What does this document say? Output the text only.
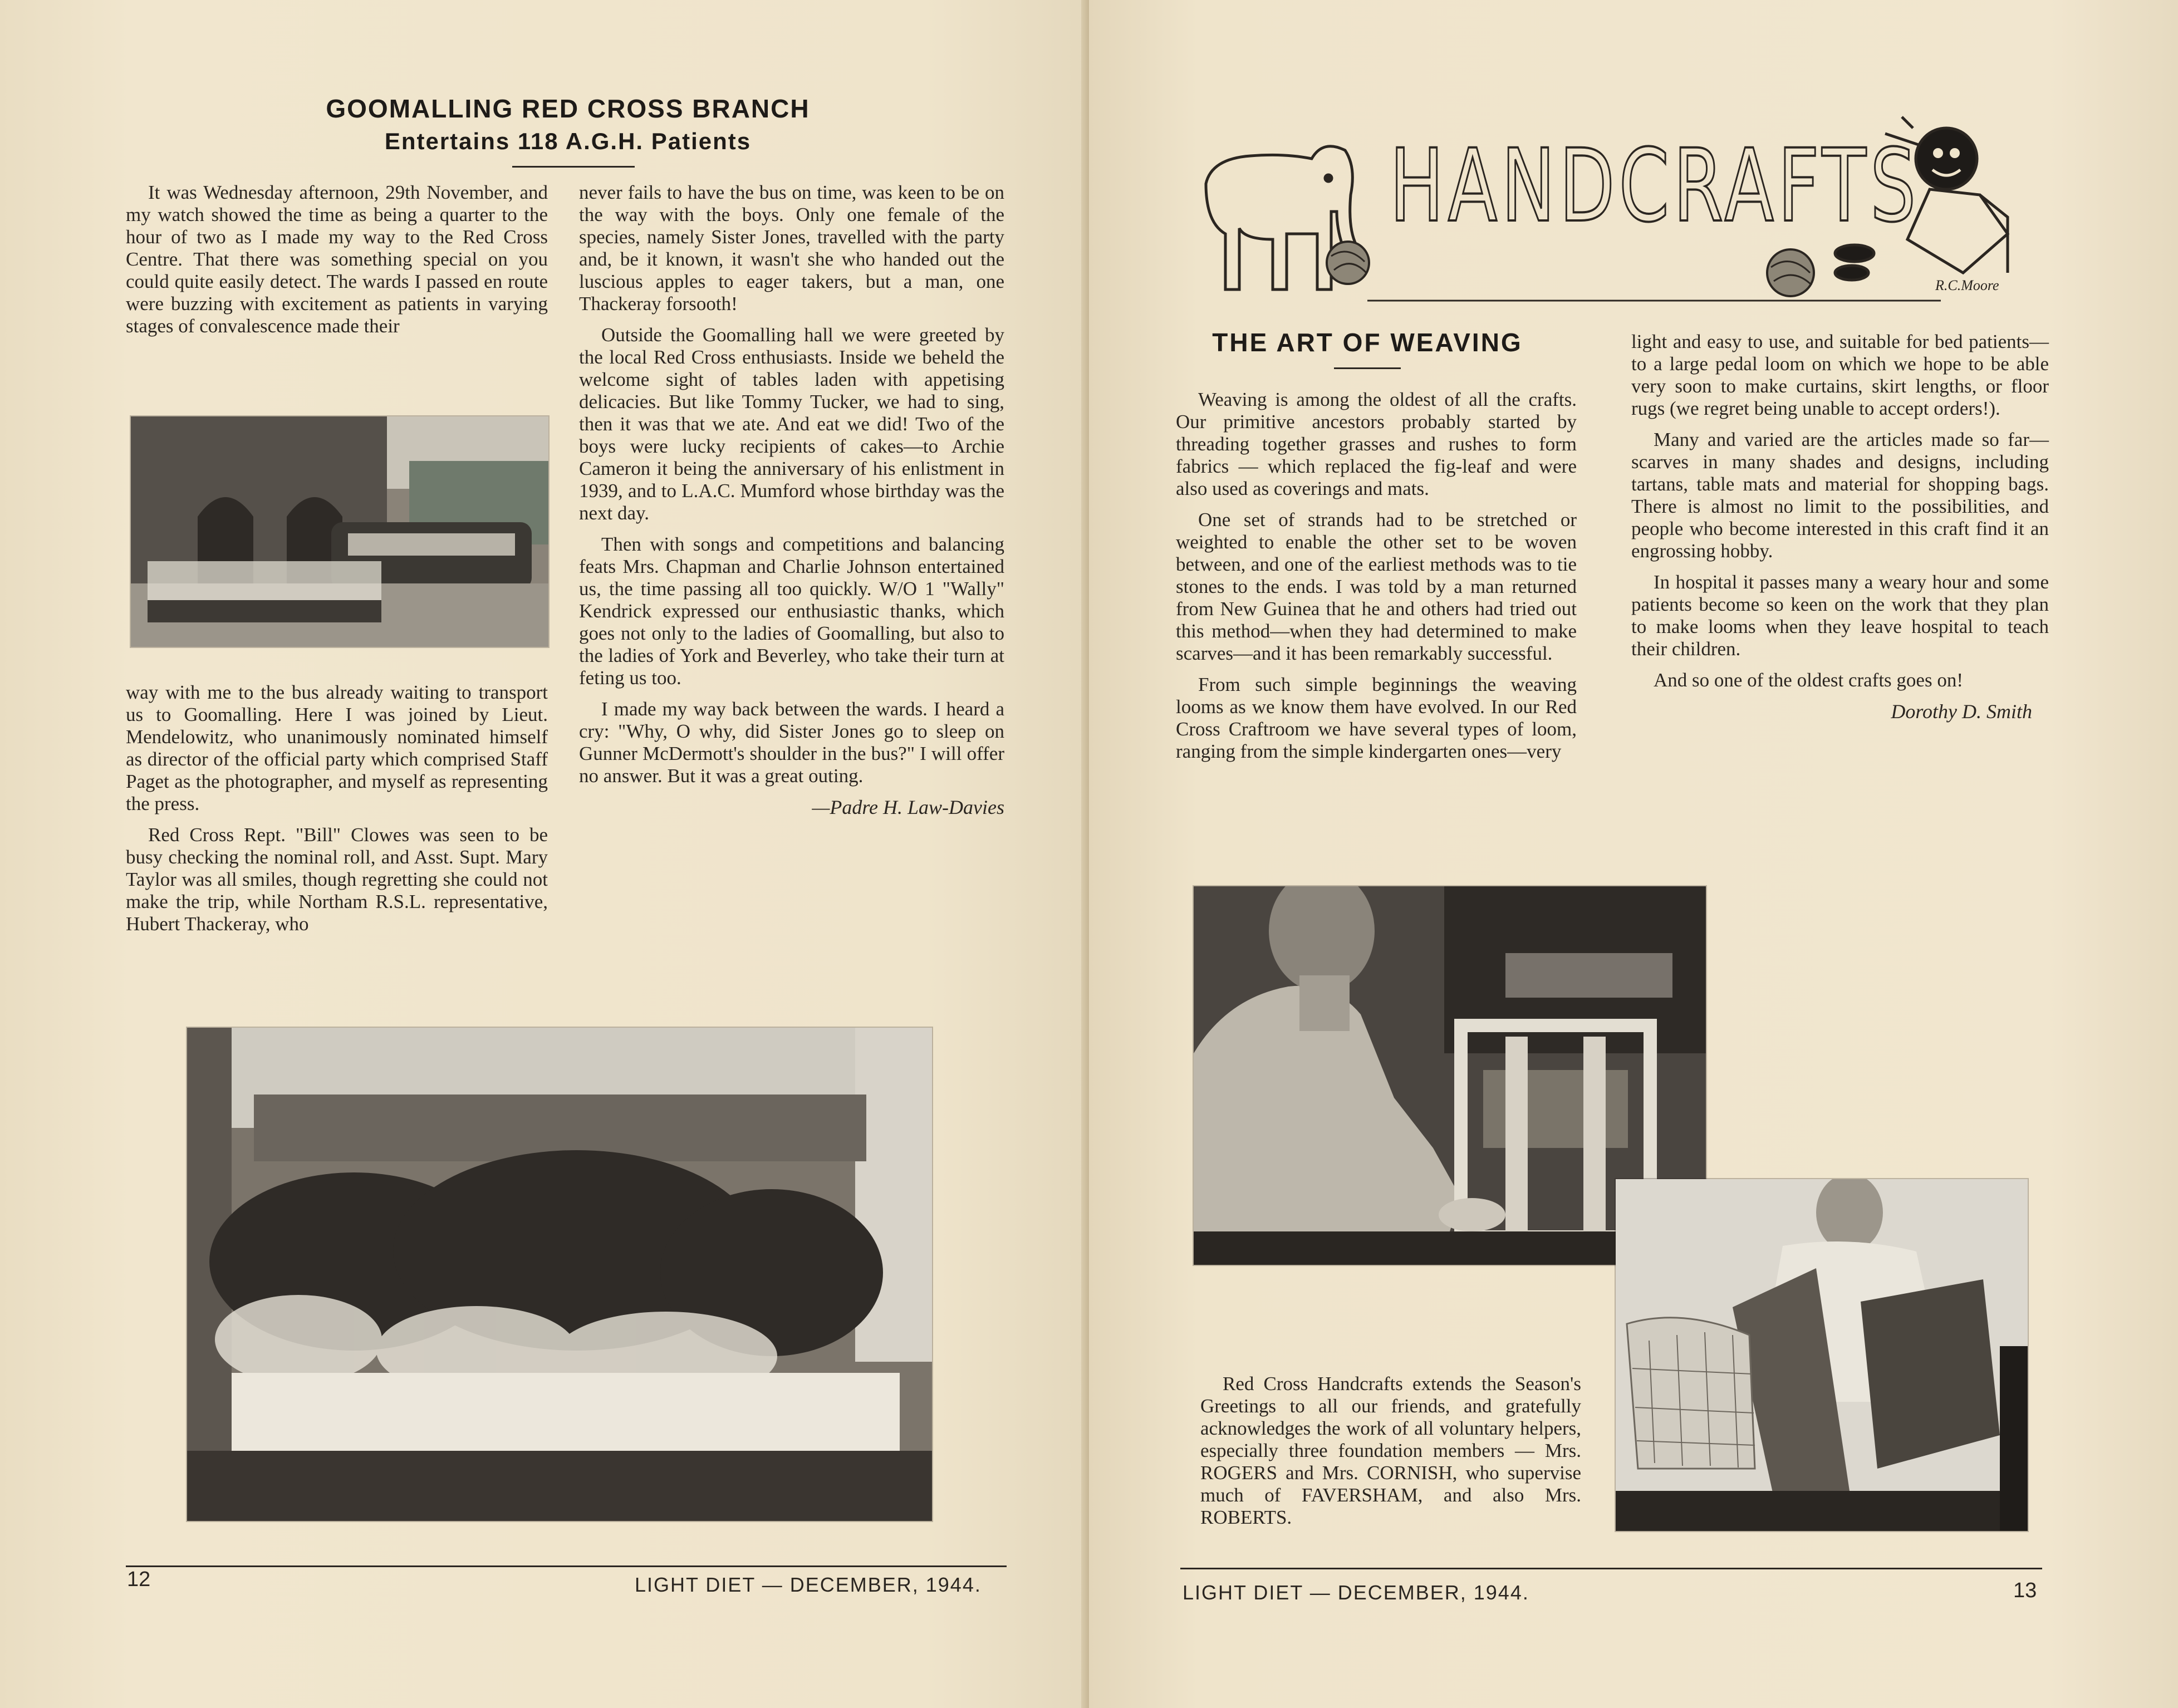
GOOMALLING RED CROSS BRANCH
Entertains 118 A.G.H. Patients

It was Wednesday afternoon, 29th November, and my watch showed the time as being a quarter to the hour of two as I made my way to the Red Cross Centre. That there was something special on you could quite easily detect. The wards I passed en route were buzzing with excitement as patients in varying stages of convalescence made their

way with me to the bus already waiting to transport us to Goomalling. Here I was joined by Lieut. Mendelowitz, who unanimously nominated himself as director of the official party which comprised Staff Paget as the photographer, and myself as representing the press.

Red Cross Rept. "Bill" Clowes was seen to be busy checking the nominal roll, and Asst. Supt. Mary Taylor was all smiles, though regretting she could not make the trip, while Northam R.S.L. representative, Hubert Thackeray, who

never fails to have the bus on time, was keen to be on the way with the boys. Only one female of the species, namely Sister Jones, travelled with the party and, be it known, it wasn't she who handed out the luscious apples to eager takers, but a man, one Thackeray forsooth!

Outside the Goomalling hall we were greeted by the local Red Cross enthusiasts. Inside we beheld the welcome sight of tables laden with appetising delicacies. But like Tommy Tucker, we had to sing, then it was that we ate. And eat we did! Two of the boys were lucky recipients of cakes—to Archie Cameron it being the anniversary of his enlistment in 1939, and to L.A.C. Mumford whose birthday was the next day.

Then with songs and competitions and balancing feats Mrs. Chapman and Charlie Johnson entertained us, the time passing all too quickly. W/O 1 "Wally" Kendrick expressed our enthusiastic thanks, which goes not only to the ladies of Goomalling, but also to the ladies of York and Beverley, who take their turn at feting us too.

I made my way back between the wards. I heard a cry: "Why, O why, did Sister Jones go to sleep on Gunner McDermott's shoulder in the bus?" I will offer no answer. But it was a great outing.

—Padre H. Law-Davies
12	LIGHT DIET — DECEMBER, 1944.
HANDCRAFTS
R.C.Moore
THE ART OF WEAVING

Weaving is among the oldest of all the crafts. Our primitive ancestors probably started by threading together grasses and rushes to form fabrics — which replaced the fig-leaf and were also used as coverings and mats.

One set of strands had to be stretched or weighted to enable the other set to be woven between, and one of the earliest methods was to tie stones to the ends. I was told by a man returned from New Guinea that he and others had tried out this method—when they had determined to make scarves—and it has been remarkably successful.

From such simple beginnings the weaving looms as we know them have evolved. In our Red Cross Craftroom we have several types of loom, ranging from the simple kindergarten ones—very

light and easy to use, and suitable for bed patients—to a large pedal loom on which we hope to be able very soon to make curtains, skirt lengths, or floor rugs (we regret being unable to accept orders!).

Many and varied are the articles made so far—scarves in many shades and designs, including tartans, table mats and material for shopping bags. There is almost no limit to the possibilities, and people who become interested in this craft find it an engrossing hobby.

In hospital it passes many a weary hour and some patients become so keen on the work that they plan to make looms when they leave hospital to teach their children.

And so one of the oldest crafts goes on!

Dorothy D. Smith

Red Cross Handcrafts extends the Season's Greetings to all our friends, and gratefully acknowledges the work of all voluntary helpers, especially three foundation members — Mrs. ROGERS and Mrs. CORNISH, who supervise much of FAVERSHAM, and also Mrs. ROBERTS.

LIGHT DIET — DECEMBER, 1944.	13
